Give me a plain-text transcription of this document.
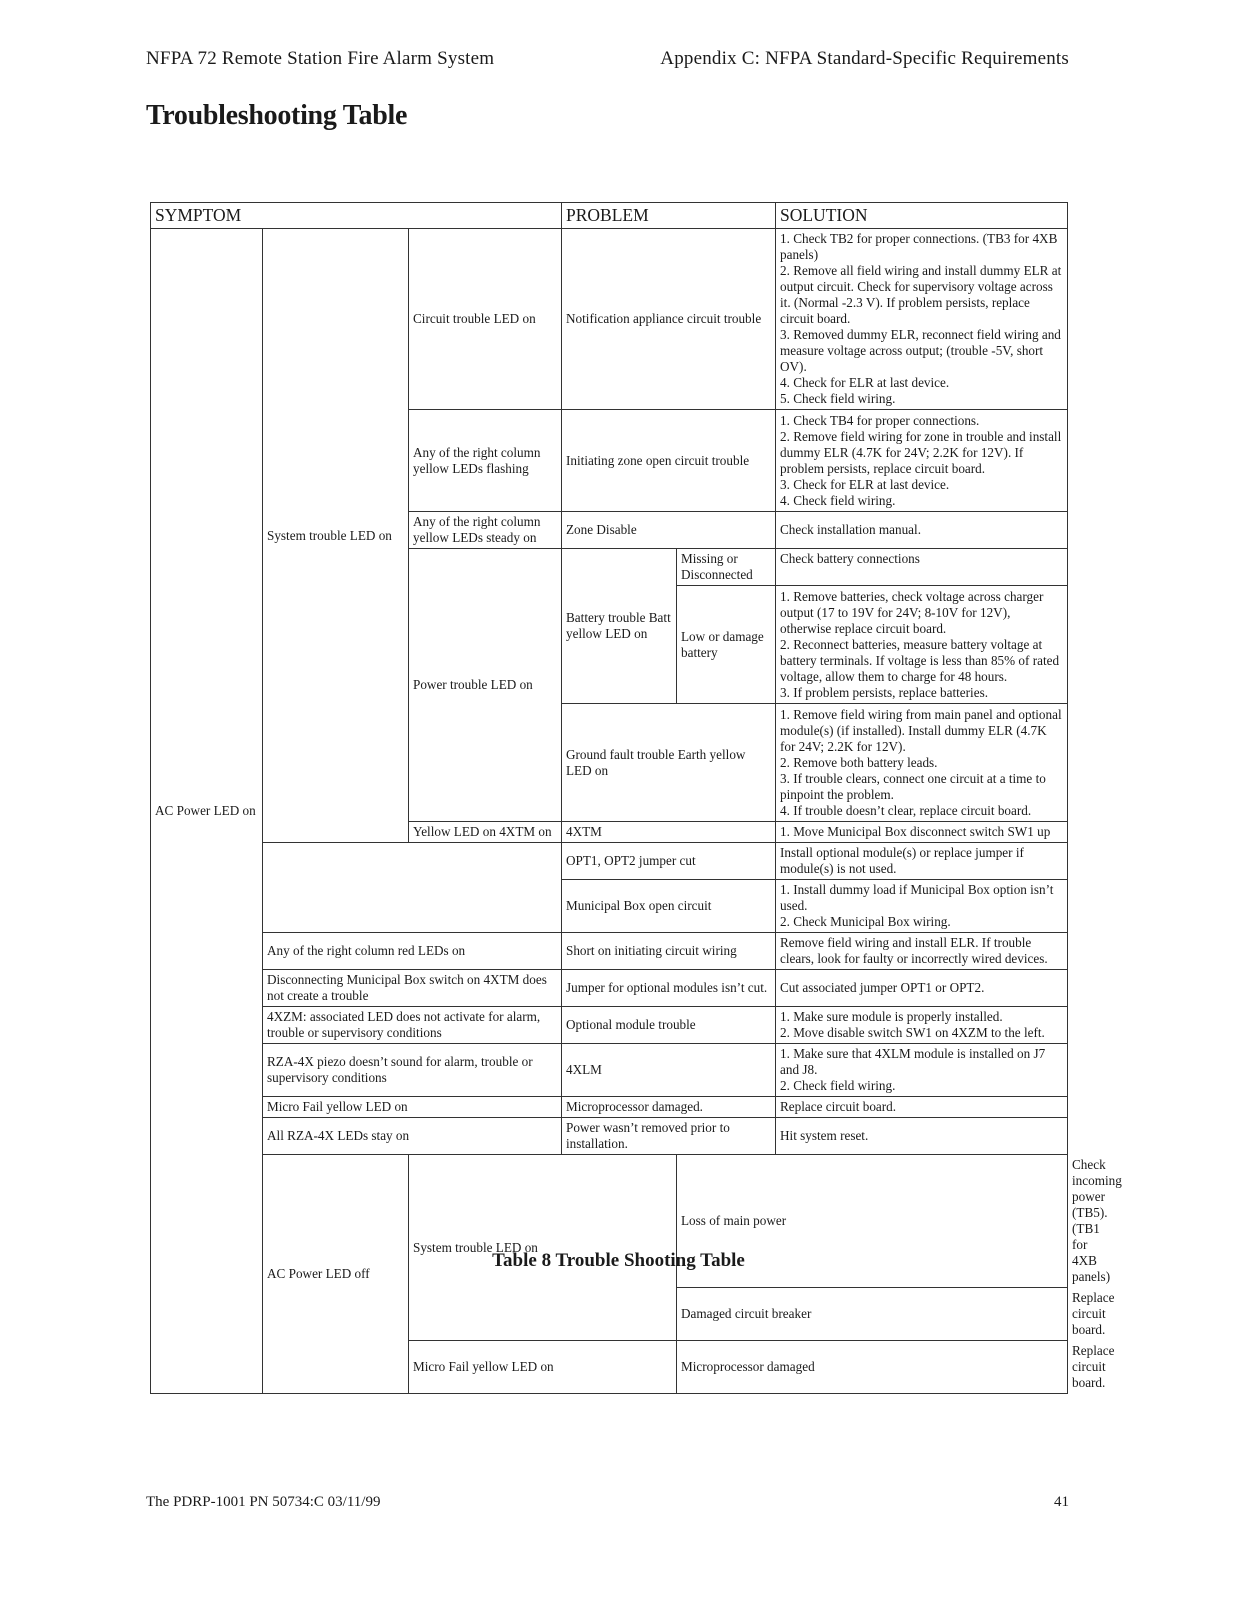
NFPA 72 Remote Station Fire Alarm System	Appendix C: NFPA Standard-Specific Requirements
Troubleshooting Table
SYMPTOM			PROBLEM		SOLUTION	
AC Power LED on	System trouble LED on	Circuit trouble LED on	Notification appliance circuit trouble		1. Check TB2 for proper connections. (TB3 for 4XB panels)
2. Remove all field wiring and install dummy ELR at output circuit. Check for supervisory voltage across it. (Normal -2.3 V). If problem persists, replace circuit board.
3. Removed dummy ELR, reconnect field wiring and measure voltage across output; (trouble -5V, short OV).
4. Check for ELR at last device.
5. Check field wiring.	

		Any of the right column yellow LEDs flashing	Initiating zone open circuit trouble		1. Check TB4 for proper connections.
2. Remove field wiring for zone in trouble and install dummy ELR (4.7K for 24V; 2.2K for 12V). If problem persists, replace circuit board.
3. Check for ELR at last device.
4. Check field wiring.	

		Any of the right column yellow LEDs steady on	Zone Disable		Check installation manual.	
		Power trouble LED on	Battery trouble Batt yellow LED on	Missing or Disconnected	Check battery connections	
				Low or damage battery	1. Remove batteries, check voltage across charger output (17 to 19V for 24V; 8-10V for 12V), otherwise replace circuit board.
2. Reconnect batteries, measure battery voltage at battery terminals. If voltage is less than 85% of rated voltage, allow them to charge for 48 hours.
3. If problem persists, replace batteries.	

			Ground fault trouble Earth yellow LED on		1. Remove field wiring from main panel and optional module(s) (if installed). Install dummy ELR (4.7K for 24V; 2.2K for 12V).
2. Remove both battery leads.
3. If trouble clears, connect one circuit at a time to pinpoint the problem.
4. If trouble doesn’t clear, replace circuit board.	

		Yellow LED on 4XTM on	4XTM		1. Move Municipal Box disconnect switch SW1 up	
			OPT1, OPT2 jumper cut		Install optional module(s) or replace jumper if module(s) is not used.	
			Municipal Box open circuit		1. Install dummy load if Municipal Box option isn’t used.
2. Check Municipal Box wiring.	

	Any of the right column red LEDs on		Short on initiating circuit wiring		Remove field wiring and install ELR. If trouble clears, look for faulty or incorrectly wired devices.	
	Disconnecting Municipal Box switch on 4XTM does not create a trouble		Jumper for optional modules isn’t cut.		Cut associated jumper OPT1 or OPT2.	
	4XZM: associated LED does not activate for alarm, trouble or supervisory conditions		Optional module trouble		1. Make sure module is properly installed.
2. Move disable switch SW1 on 4XZM to the left.	

	RZA-4X piezo doesn’t sound for alarm, trouble or supervisory conditions		4XLM		1. Make sure that 4XLM module is installed on J7 and J8.
2. Check field wiring.	

	Micro Fail yellow LED on		Microprocessor damaged.		Replace circuit board.	
	All RZA-4X LEDs stay on		Power wasn’t removed prior to installation.		Hit system reset.	
	AC Power LED off	System trouble LED on		Loss of main power		Check incoming power (TB5). (TB1 for 4XB panels)
				Damaged circuit breaker		Replace circuit board.
		Micro Fail yellow LED on		Microprocessor damaged		Replace circuit board.
Table 8 Trouble Shooting Table
The PDRP-1001 PN 50734:C 03/11/99	41
